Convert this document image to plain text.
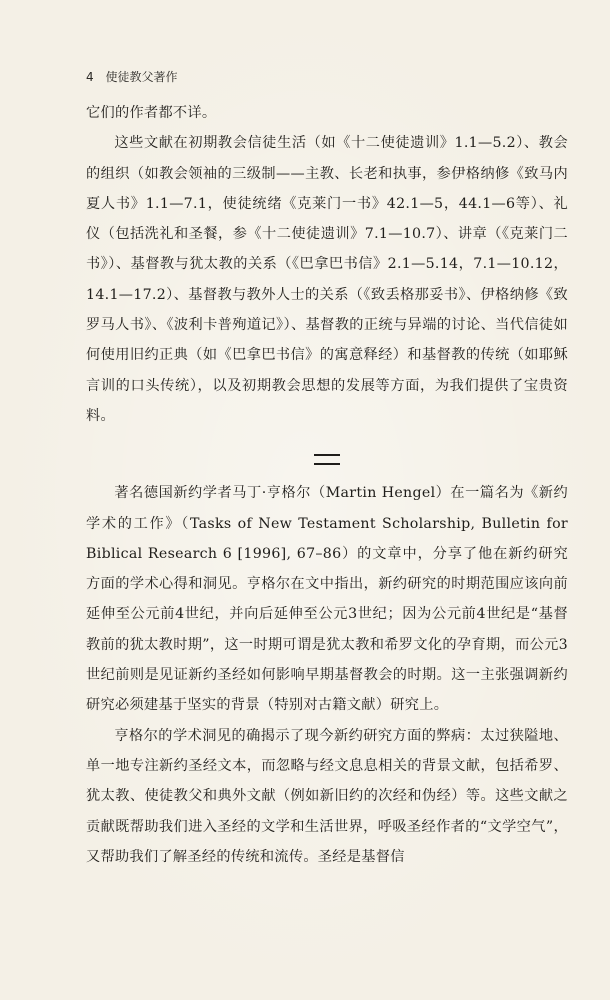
4 使徒教父著作

它们的作者都不详。

这些文献在初期教会信徒生活（如《十二使徒遗训》1.1—5.2）、教会的组织（如教会领袖的三级制——主教、长老和执事，参伊格纳修《致马内夏人书》1.1—7.1，使徒统绪《克莱门一书》42.1—5，44.1—6等）、礼仪（包括洗礼和圣餐，参《十二使徒遗训》7.1—10.7）、讲章（《克莱门二书》）、基督教与犹太教的关系（《巴拿巴书信》2.1—5.14，7.1—10.12，14.1—17.2）、基督教与教外人士的关系（《致丢格那妥书》、伊格纳修《致罗马人书》、《波利卡普殉道记》）、基督教的正统与异端的讨论、当代信徒如何使用旧约正典（如《巴拿巴书信》的寓意释经）和基督教的传统（如耶稣言训的口头传统），以及初期教会思想的发展等方面，为我们提供了宝贵资料。

著名德国新约学者马丁·亨格尔（Martin Hengel）在一篇名为《新约学术的工作》（Tasks of New Testament Scholarship, Bulletin for Biblical Research 6 [1996], 67–86）的文章中，分享了他在新约研究方面的学术心得和洞见。亨格尔在文中指出，新约研究的时期范围应该向前延伸至公元前4世纪，并向后延伸至公元3世纪；因为公元前4世纪是“基督教前的犹太教时期”，这一时期可谓是犹太教和希罗文化的孕育期，而公元3世纪前则是见证新约圣经如何影响早期基督教会的时期。这一主张强调新约研究必须建基于坚实的背景（特别对古籍文献）研究上。

亨格尔的学术洞见的确揭示了现今新约研究方面的弊病：太过狭隘地、单一地专注新约圣经文本，而忽略与经文息息相关的背景文献，包括希罗、犹太教、使徒教父和典外文献（例如新旧约的次经和伪经）等。这些文献之贡献既帮助我们进入圣经的文学和生活世界，呼吸圣经作者的“文学空气”，又帮助我们了解圣经的传统和流传。圣经是基督信
